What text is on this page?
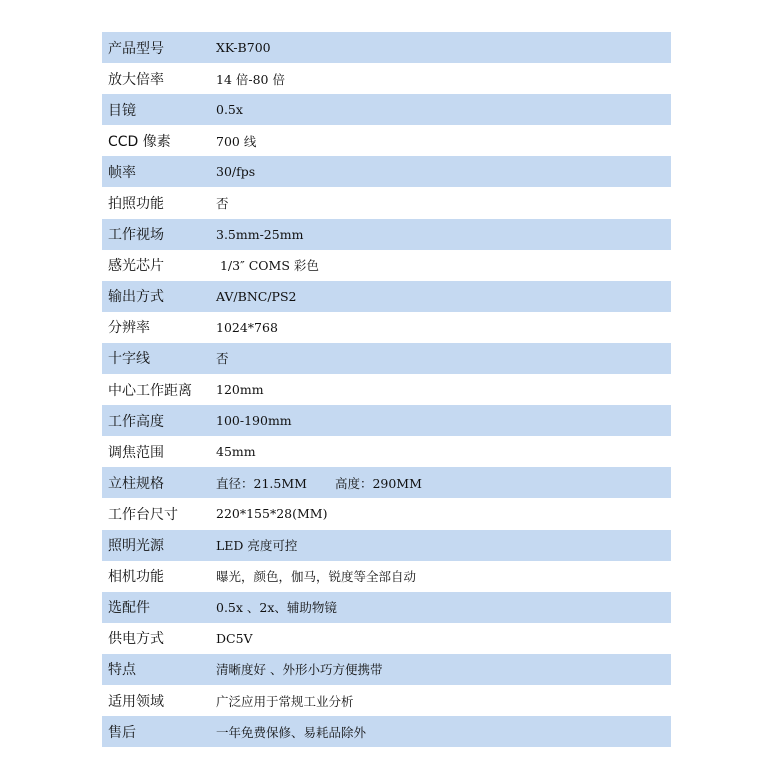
产品型号	XK-B700
放大倍率	14 倍-80 倍
目镜	0.5x
CCD 像素	700 线
帧率	30/fps
拍照功能	否
工作视场	3.5mm-25mm
感光芯片	1/3″ COMS 彩色
输出方式	AV/BNC/PS2
分辨率	1024*768
十字线	否
中心工作距离	120mm
工作高度	100-190mm
调焦范围	45mm
立柱规格	直径：21.5MM 高度：290MM
工作台尺寸	220*155*28(MM)
照明光源	LED 亮度可控
相机功能	曝光，颜色，伽马，锐度等全部自动
选配件	0.5x 、2x、辅助物镜
供电方式	DC5V
特点	清晰度好 、外形小巧方便携带
适用领域	广泛应用于常规工业分析
售后	一年免费保修、易耗品除外
